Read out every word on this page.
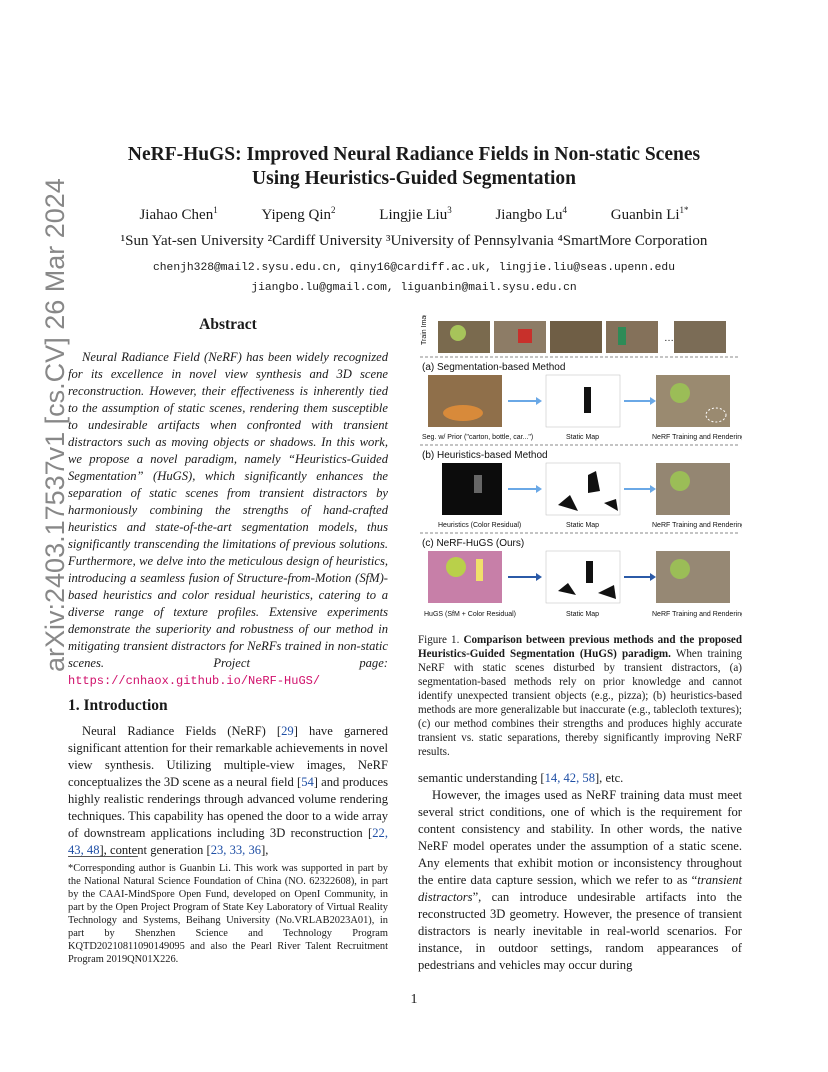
NeRF-HuGS: Improved Neural Radiance Fields in Non-static Scenes
Using Heuristics-Guided Segmentation
Jiahao Chen$^1$	Yipeng Qin$^2$	Lingjie Liu$^3$	Jiangbo Lu$^4$	Guanbin $Li^{1*}$
¹Sun Yat-sen University ²Cardiff University ³University of Pennsylvania ⁴SmartMore Corporation
chenjh328@mail2.sysu.edu.cn, qiny16@cardiff.ac.uk, lingjie.liu@seas.upenn.edu
jiangbo.lu@gmail.com, liguanbin@mail.sysu.edu.cn
arXiv:2403.17537v1 [cs.CV] 26 Mar 2024	Abstract
Neural Radiance Field (NeRF) has been widely recognized for its excellence in novel view synthesis and 3D scene reconstruction. However, their effectiveness is inherently tied to the assumption of static scenes, rendering them susceptible to undesirable artifacts when confronted with transient distractors such as moving objects or shadows. In this work, we propose a novel paradigm, namely “Heuristics-Guided Segmentation” (HuGS), which significantly enhances the separation of static scenes from transient distractors by harmoniously combining the strengths of hand-crafted heuristics and state-of-the-art segmentation models, thus significantly transcending the limitations of previous solutions. Furthermore, we delve into the meticulous design of heuristics, introducing a seamless fusion of Structure-from-Motion (SfM)-based heuristics and color residual heuristics, catering to a diverse range of texture profiles. Extensive experiments demonstrate the superiority and robustness of our method in mitigating transient distractors for NeRFs trained in non-static scenes. Project page: https://cnhaox.github.io/NeRF-HuGS/
1. Introduction
Neural Radiance Fields (NeRF) [29] have garnered significant attention for their remarkable achievements in novel view synthesis. Utilizing multiple-view images, NeRF conceptualizes the 3D scene as a neural field [54] and produces highly realistic renderings through advanced volume rendering techniques. This capability has opened the door to a wide array of downstream applications including 3D reconstruction [22, 43, 48], content generation [23, 33, 36],
*Corresponding author is Guanbin Li. This work was supported in part by the National Natural Science Foundation of China (NO. 62322608), in part by the CAAI-MindSpore Open Fund, developed on OpenI Community, in part by the Open Project Program of State Key Laboratory of Virtual Reality Technology and Systems, Beihang University (No.VRLAB2023A01), in part by Shenzhen Science and Technology Program KQTD20210811090149095 and also the Pearl River Talent Recruitment Program 2019QN01X226.
Train Images	…
(a) Segmentation-based Method
Seg. w/ Prior ("carton, bottle, car...")	Static Map	NeRF Training and Rendering
(b) Heuristics-based Method
Heuristics (Color Residual)	Static Map	NeRF Training and Rendering
(c) NeRF-HuGS (Ours)
HuGS (SfM + Color Residual)	Static Map	NeRF Training and Rendering
Figure 1. Comparison between previous methods and the proposed Heuristics-Guided Segmentation (HuGS) paradigm. When training NeRF with static scenes disturbed by transient distractors, (a) segmentation-based methods rely on prior knowledge and cannot identify unexpected transient objects (e.g., pizza); (b) heuristics-based methods are more generalizable but inaccurate (e.g., tablecloth textures); (c) our method combines their strengths and produces highly accurate transient vs. static separations, thereby significantly improving NeRF results.
semantic understanding [14, 42, 58], etc.
However, the images used as NeRF training data must meet several strict conditions, one of which is the requirement for content consistency and stability. In other words, the native NeRF model operates under the assumption of a static scene. Any elements that exhibit motion or inconsistency throughout the entire data capture session, which we refer to as “transient distractors”, can introduce undesirable artifacts into the reconstructed 3D geometry. However, the presence of transient distractors is nearly inevitable in real-world scenarios. For instance, in outdoor settings, random appearances of pedestrians and vehicles may occur during
1
